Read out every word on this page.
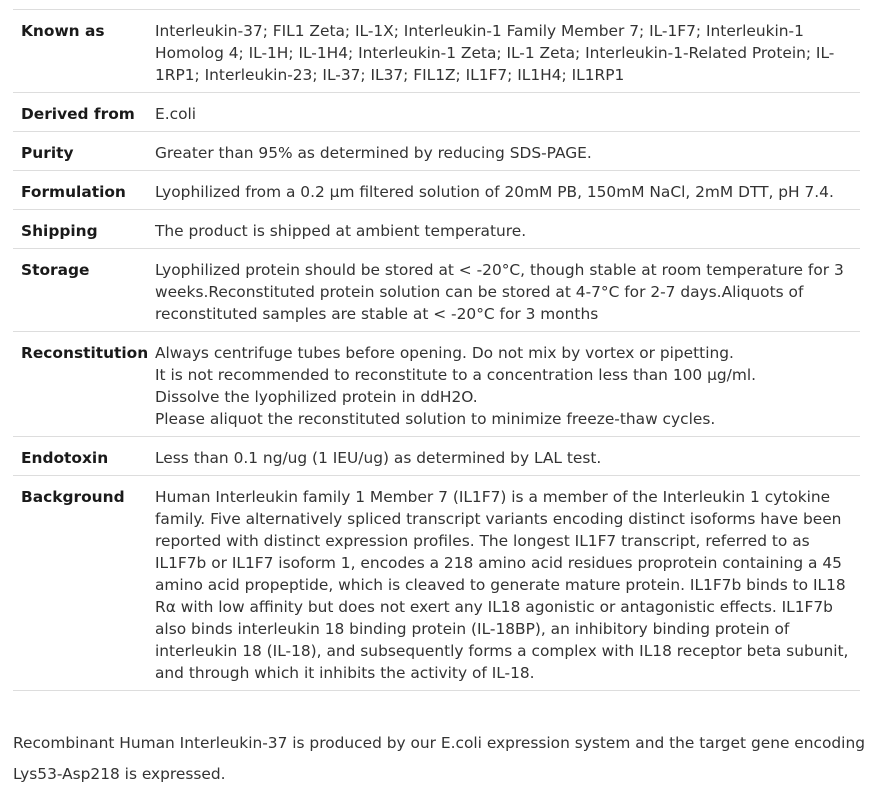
Known as	Interleukin-37; FIL1 Zeta; IL-1X; Interleukin-1 Family Member 7; IL-1F7; Interleukin-1 Homolog 4; IL-1H; IL-1H4; Interleukin-1 Zeta; IL-1 Zeta; Interleukin-1-Related Protein; IL-1RP1; Interleukin-23; IL-37; IL37; FIL1Z; IL1F7; IL1H4; IL1RP1
Derived from	E.coli
Purity	Greater than 95% as determined by reducing SDS-PAGE.
Formulation	Lyophilized from a 0.2 μm filtered solution of 20mM PB, 150mM NaCl, 2mM DTT, pH 7.4.
Shipping	The product is shipped at ambient temperature.
Storage	Lyophilized protein should be stored at < -20°C, though stable at room temperature for 3 weeks.Reconstituted protein solution can be stored at 4-7°C for 2-7 days.Aliquots of reconstituted samples are stable at < -20°C for 3 months
Reconstitution	Always centrifuge tubes before opening. Do not mix by vortex or pipetting.
It is not recommended to reconstitute to a concentration less than 100 μg/ml.
Dissolve the lyophilized protein in ddH2O.
Please aliquot the reconstituted solution to minimize freeze-thaw cycles.

Endotoxin	Less than 0.1 ng/ug (1 IEU/ug) as determined by LAL test.
Background	Human Interleukin family 1 Member 7 (IL1F7) is a member of the Interleukin 1 cytokine family. Five alternatively spliced transcript variants encoding distinct isoforms have been reported with distinct expression profiles. The longest IL1F7 transcript, referred to as IL1F7b or IL1F7 isoform 1, encodes a 218 amino acid residues proprotein containing a 45 amino acid propeptide, which is cleaved to generate mature protein. IL1F7b binds to IL18 Rα with low affinity but does not exert any IL18 agonistic or antagonistic effects. IL1F7b also binds interleukin 18 binding protein (IL-18BP), an inhibitory binding protein of interleukin 18 (IL-18), and subsequently forms a complex with IL18 receptor beta subunit, and through which it inhibits the activity of IL-18.

Recombinant Human Interleukin-37 is produced by our E.coli expression system and the target gene encoding Lys53-Asp218 is expressed.
